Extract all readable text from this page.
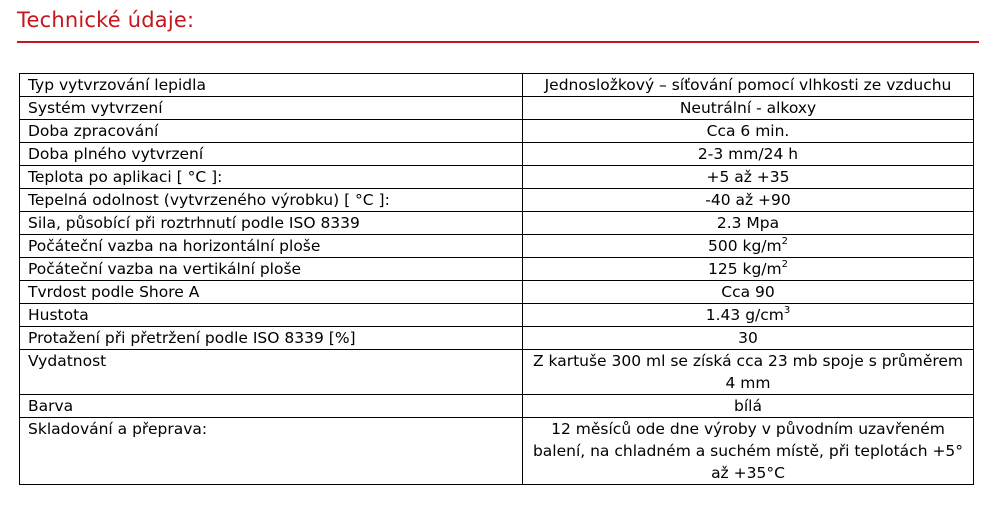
Technické údaje:
Typ vytvrzování lepidla	Jednosložkový – síťování pomocí vlhkosti ze vzduchu
Systém vytvrzení	Neutrální - alkoxy
Doba zpracování	Cca 6 min.
Doba plného vytvrzení	2-3 mm/24 h
Teplota po aplikaci [ °C ]:	+5 až +35
Tepelná odolnost (vytvrzeného výrobku) [ °C ]:	-40 až +90
Sila, působící při roztrhnutí podle ISO 8339	2.3 Mpa
Počáteční vazba na horizontální ploše	500 $kg/m^2$
Počáteční vazba na vertikální ploše	125 $kg/m^2$
Tvrdost podle Shore A	Cca 90
Hustota	1.43 $g/cm^3$
Protažení při přetržení podle ISO 8339 [%]	30
Vydatnost	Z kartuše 300 ml se získá cca 23 mb spoje s průměrem 4 mm
Barva	bílá
Skladování a přeprava:	12 měsíců ode dne výroby v původním uzavřeném balení, na chladném a suchém místě, při teplotách +5° až +35°C
